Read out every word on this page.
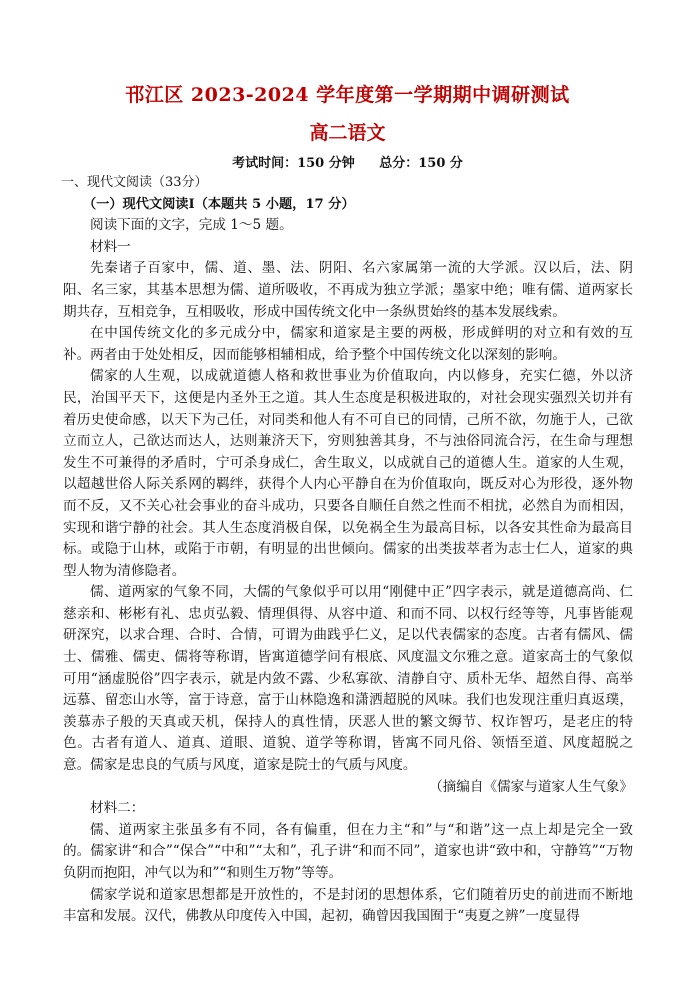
邗江区 2023-2024 学年度第一学期期中调研测试
高二语文
考试时间：150 分钟 总分：150 分

一、现代文阅读（33分）

（一）现代文阅读Ⅰ（本题共 5 小题，17 分）

阅读下面的文字，完成 1～5 题。

材料一

先秦诸子百家中，儒、道、墨、法、阴阳、名六家属第一流的大学派。汉以后，法、阴阳、名三家，其基本思想为儒、道所吸收，不再成为独立学派；墨家中绝；唯有儒、道两家长期共存，互相竞争，互相吸收，形成中国传统文化中一条纵贯始终的基本发展线索。

在中国传统文化的多元成分中，儒家和道家是主要的两极，形成鲜明的对立和有效的互补。两者由于处处相反，因而能够相辅相成，给予整个中国传统文化以深刻的影响。

儒家的人生观，以成就道德人格和救世事业为价值取向，内以修身，充实仁德，外以济民，治国平天下，这便是内圣外王之道。其人生态度是积极进取的，对社会现实强烈关切并有着历史使命感，以天下为己任，对同类和他人有不可自已的同情，己所不欲，勿施于人，己欲立而立人，己欲达而达人，达则兼济天下，穷则独善其身，不与浊俗同流合污，在生命与理想发生不可兼得的矛盾时，宁可杀身成仁，舍生取义，以成就自己的道德人生。道家的人生观，以超越世俗人际关系网的羁绊，获得个人内心平静自在为价值取向，既反对心为形役，逐外物而不反，又不关心社会事业的奋斗成功，只要各自顺任自然之性而不相扰，必然自为而相因，实现和谐宁静的社会。其人生态度消极自保，以免祸全生为最高目标，以各安其性命为最高目标。或隐于山林，或陷于市朝，有明显的出世倾向。儒家的出类拔萃者为志士仁人，道家的典型人物为清修隐者。

儒、道两家的气象不同，大儒的气象似乎可以用“刚健中正”四字表示，就是道德高尚、仁慈亲和、彬彬有礼、忠贞弘毅、情理俱得、从容中道、和而不同、以权行经等等，凡事皆能观研深究，以求合理、合时、合情，可谓为曲践乎仁义，足以代表儒家的态度。古者有儒风、儒士、儒雅、儒吏、儒将等称谓，皆寓道德学问有根底、风度温文尔雅之意。道家高士的气象似可用“涵虚脱俗”四字表示，就是内敛不露、少私寡欲、清静自守、质朴无华、超然自得、高举远慕、留恋山水等，富于诗意，富于山林隐逸和潇洒超脱的风味。我们也发现注重归真返璞，羡慕赤子般的天真或天机，保持人的真性情，厌恶人世的繁文缛节、权诈智巧，是老庄的特色。古者有道人、道真、道眼、道貌、道学等称谓，皆寓不同凡俗、领悟至道、风度超脱之意。儒家是忠良的气质与风度，道家是院士的气质与风度。

（摘编自《儒家与道家人生气象》

材料二：

儒、道两家主张虽多有不同，各有偏重，但在力主“和”与“和谐”这一点上却是完全一致的。儒家讲“和合”“保合”“中和”“太和”，孔子讲“和而不同”，道家也讲“致中和，守静笃”“万物负阴而抱阳，冲气以为和”“和则生万物”等等。

儒家学说和道家思想都是开放性的，不是封闭的思想体系，它们随着历史的前进而不断地丰富和发展。汉代，佛教从印度传入中国，起初，确曾因我国囿于“夷夏之辨”一度显得
